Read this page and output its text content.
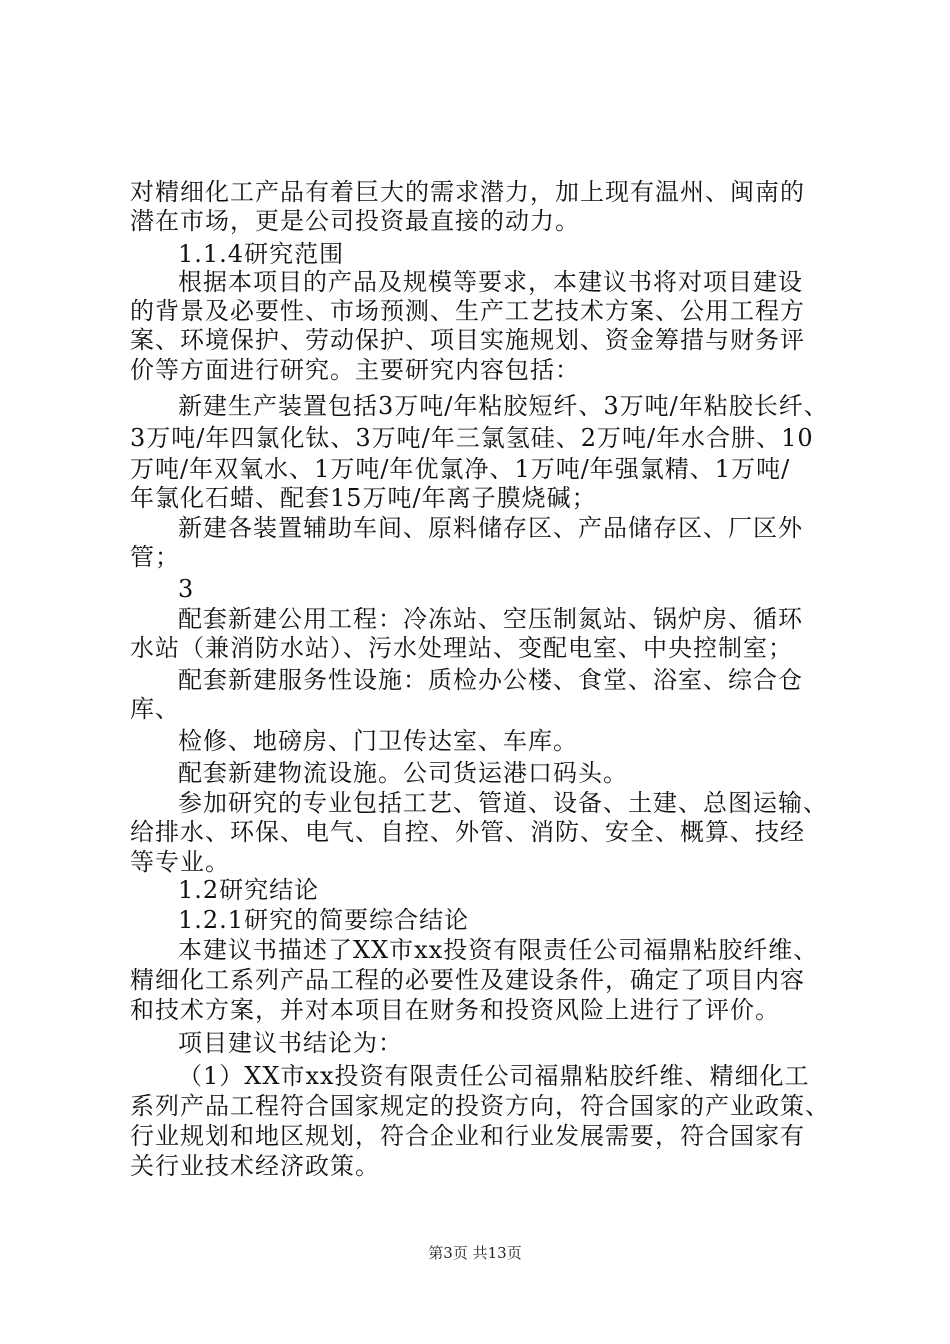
对精细化工产品有着巨大的需求潜力，加上现有温州、闽南的
潜在市场，更是公司投资最直接的动力。
1.1.4研究范围
根据本项目的产品及规模等要求，本建议书将对项目建设
的背景及必要性、市场预测、生产工艺技术方案、公用工程方
案、环境保护、劳动保护、项目实施规划、资金筹措与财务评
价等方面进行研究。主要研究内容包括：
新建生产装置包括3万吨/年粘胶短纤、3万吨/年粘胶长纤、
3万吨/年四氯化钛、3万吨/年三氯氢硅、2万吨/年水合肼、10
万吨/年双氧水、1万吨/年优氯净、1万吨/年强氯精、1万吨/
年氯化石蜡、配套15万吨/年离子膜烧碱；
新建各装置辅助车间、原料储存区、产品储存区、厂区外
管；
3
配套新建公用工程：冷冻站、空压制氮站、锅炉房、循环
水站（兼消防水站）、污水处理站、变配电室、中央控制室；
配套新建服务性设施：质检办公楼、食堂、浴室、综合仓
库、
检修、地磅房、门卫传达室、车库。
配套新建物流设施。公司货运港口码头。
参加研究的专业包括工艺、管道、设备、土建、总图运输、
给排水、环保、电气、自控、外管、消防、安全、概算、技经
等专业。
1.2研究结论
1.2.1研究的简要综合结论
本建议书描述了XX市xx投资有限责任公司福鼎粘胶纤维、
精细化工系列产品工程的必要性及建设条件，确定了项目内容
和技术方案，并对本项目在财务和投资风险上进行了评价。
项目建议书结论为：
（1）XX市xx投资有限责任公司福鼎粘胶纤维、精细化工
系列产品工程符合国家规定的投资方向，符合国家的产业政策、
行业规划和地区规划，符合企业和行业发展需要，符合国家有
关行业技术经济政策。
第3页 共13页
